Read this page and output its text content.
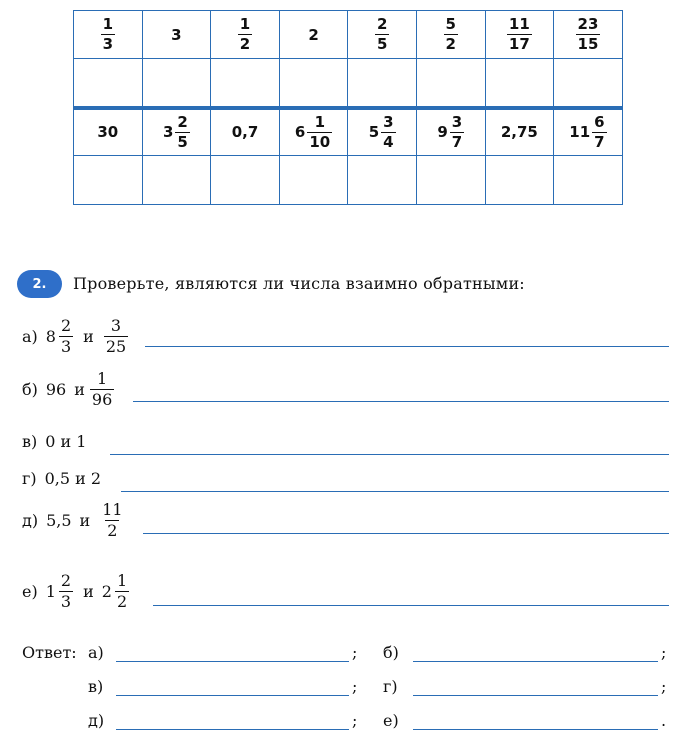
$\frac{1}{3}$	3	$\frac{1}{2}$	2	$\frac{2}{5}$	$\frac{5}{2}$	$\frac{11}{17}$	$\frac{23}{15}$

30	$3 \frac{2}{5}$	0,7	$6 \frac{1}{10}$	$5 \frac{3}{4}$	$9 \frac{3}{7}$	2,75	$11 \frac{6}{7}$

2.	Проверьте, являются ли числа взаимно обратными:
а) $8 \frac{2}{3}$ и $\frac{3}{25}$
б) 96 и $\frac{1}{96}$
в) 0 и 1
г) 0,5 и 2
д) 5,5 и $\frac{11}{2}$
е) $1 \frac{2}{3}$ и $2 \frac{1}{2}$
Ответ: а)	; б)	;
в)	; г)	;
д)	; е)	.
